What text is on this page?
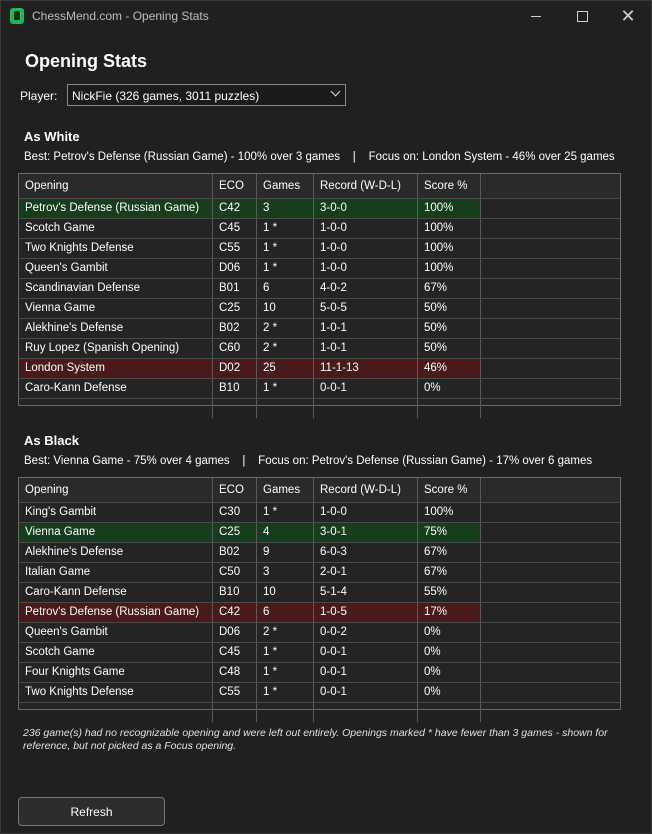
ChessMend.com - Opening Stats	✕
Opening Stats
Player: NickFie (326 games, 3011 puzzles)
As White
Best: Petrov's Defense (Russian Game) - 100% over 3 games    |    Focus on: London System - 46% over 25 games
Opening	ECO	Games	Record (W-D-L)	Score %
Petrov's Defense (Russian Game)	C42	3	3-0-0	100%
Scotch Game	C45	1 *	1-0-0	100%
Two Knights Defense	C55	1 *	1-0-0	100%
Queen's Gambit	D06	1 *	1-0-0	100%
Scandinavian Defense	B01	6	4-0-2	67%
Vienna Game	C25	10	5-0-5	50%
Alekhine's Defense	B02	2 *	1-0-1	50%
Ruy Lopez (Spanish Opening)	C60	2 *	1-0-1	50%
London System	D02	25	11-1-13	46%
Caro-Kann Defense	B10	1 *	0-0-1	0%
As Black
Best: Vienna Game - 75% over 4 games    |    Focus on: Petrov's Defense (Russian Game) - 17% over 6 games
Opening	ECO	Games	Record (W-D-L)	Score %
King's Gambit	C30	1 *	1-0-0	100%
Vienna Game	C25	4	3-0-1	75%
Alekhine's Defense	B02	9	6-0-3	67%
Italian Game	C50	3	2-0-1	67%
Caro-Kann Defense	B10	10	5-1-4	55%
Petrov's Defense (Russian Game)	C42	6	1-0-5	17%
Queen's Gambit	D06	2 *	0-0-2	0%
Scotch Game	C45	1 *	0-0-1	0%
Four Knights Game	C48	1 *	0-0-1	0%
Two Knights Defense	C55	1 *	0-0-1	0%
236 game(s) had no recognizable opening and were left out entirely. Openings marked * have fewer than 3 games - shown for reference, but not picked as a Focus opening.
Refresh
